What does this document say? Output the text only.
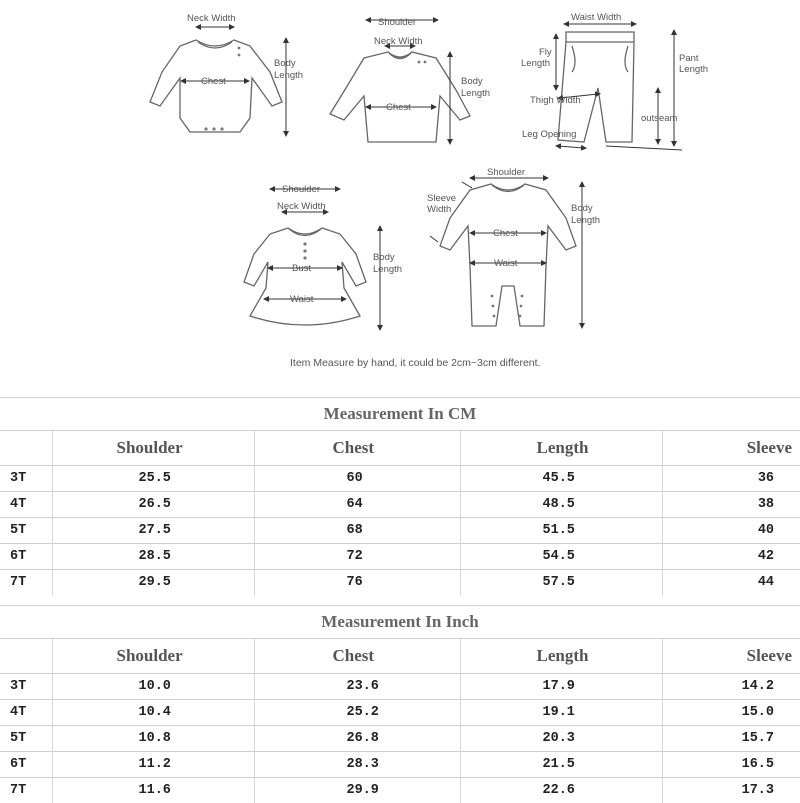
Neck Width
Chest
Body
Length
Shoulder
Neck Width
Chest
Body
Length
Waist Width
Fly
Length	Pant
Length
Thigh Width
outseam
Leg Opening
Shoulder
Neck Width
Bust
Waist
Body
Length
Shoulder
Sleeve
Width
Chest
Waist
Body
Length
Item Measure by hand, it could be 2cm~3cm different.
Measurement In CM				
	Shoulder	Chest	Length	Sleeve
3T	25.5	60	45.5	36
4T	26.5	64	48.5	38
5T	27.5	68	51.5	40
6T	28.5	72	54.5	42
7T	29.5	76	57.5	44
Measurement In Inch				
	Shoulder	Chest	Length	Sleeve
3T	10.0	23.6	17.9	14.2
4T	10.4	25.2	19.1	15.0
5T	10.8	26.8	20.3	15.7
6T	11.2	28.3	21.5	16.5
7T	11.6	29.9	22.6	17.3
